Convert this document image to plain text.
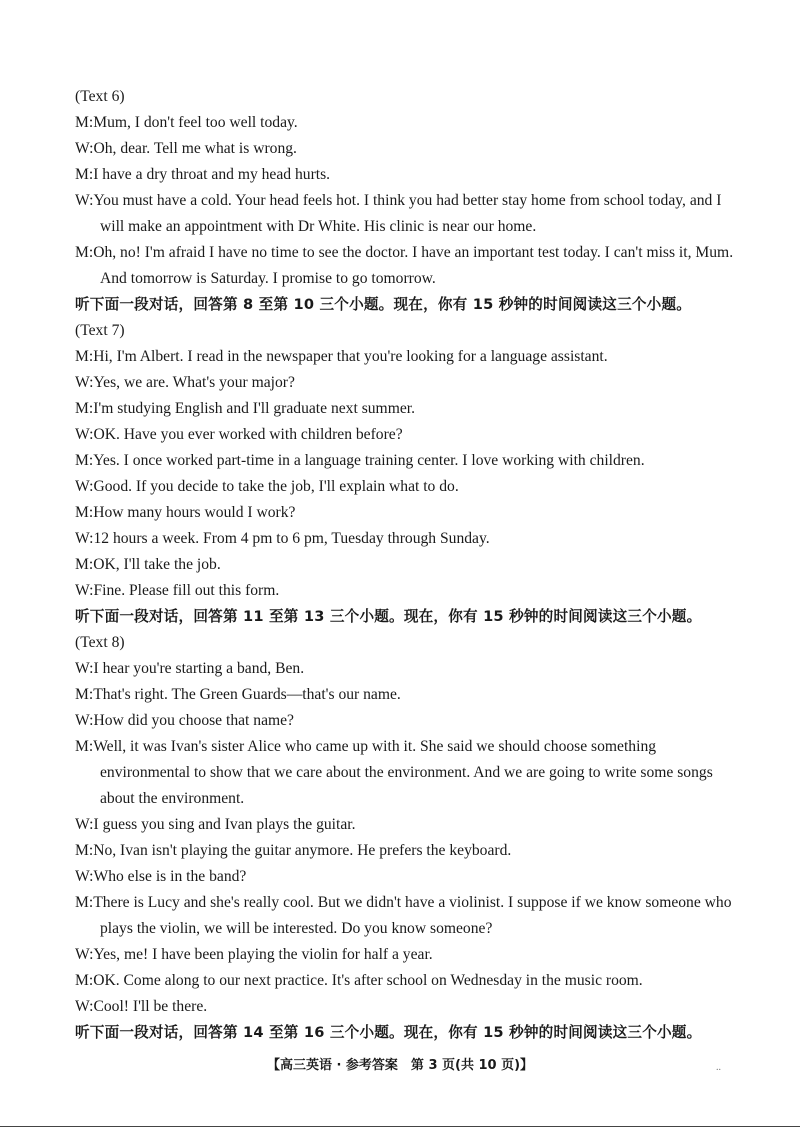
(Text 6)
M:Mum, I don't feel too well today.
W:Oh, dear. Tell me what is wrong.
M:I have a dry throat and my head hurts.
W:You must have a cold. Your head feels hot. I think you had better stay home from school today, and I will make an appointment with Dr White. His clinic is near our home.
M:Oh, no! I'm afraid I have no time to see the doctor. I have an important test today. I can't miss it, Mum. And tomorrow is Saturday. I promise to go tomorrow.
听下面一段对话，回答第 8 至第 10 三个小题。现在，你有 15 秒钟的时间阅读这三个小题。
(Text 7)
M:Hi, I'm Albert. I read in the newspaper that you're looking for a language assistant.
W:Yes, we are. What's your major?
M:I'm studying English and I'll graduate next summer.
W:OK. Have you ever worked with children before?
M:Yes. I once worked part-time in a language training center. I love working with children.
W:Good. If you decide to take the job, I'll explain what to do.
M:How many hours would I work?
W:12 hours a week. From 4 pm to 6 pm, Tuesday through Sunday.
M:OK, I'll take the job.
W:Fine. Please fill out this form.
听下面一段对话，回答第 11 至第 13 三个小题。现在，你有 15 秒钟的时间阅读这三个小题。
(Text 8)
W:I hear you're starting a band, Ben.
M:That's right. The Green Guards—that's our name.
W:How did you choose that name?
M:Well, it was Ivan's sister Alice who came up with it. She said we should choose something environmental to show that we care about the environment. And we are going to write some songs about the environment.
W:I guess you sing and Ivan plays the guitar.
M:No, Ivan isn't playing the guitar anymore. He prefers the keyboard.
W:Who else is in the band?
M:There is Lucy and she's really cool. But we didn't have a violinist. I suppose if we know someone who plays the violin, we will be interested. Do you know someone?
W:Yes, me! I have been playing the violin for half a year.
M:OK. Come along to our next practice. It's after school on Wednesday in the music room.
W:Cool! I'll be there.
听下面一段对话，回答第 14 至第 16 三个小题。现在，你有 15 秒钟的时间阅读这三个小题。
【高三英语 · 参考答案　第 3 页(共 10 页)】	..
